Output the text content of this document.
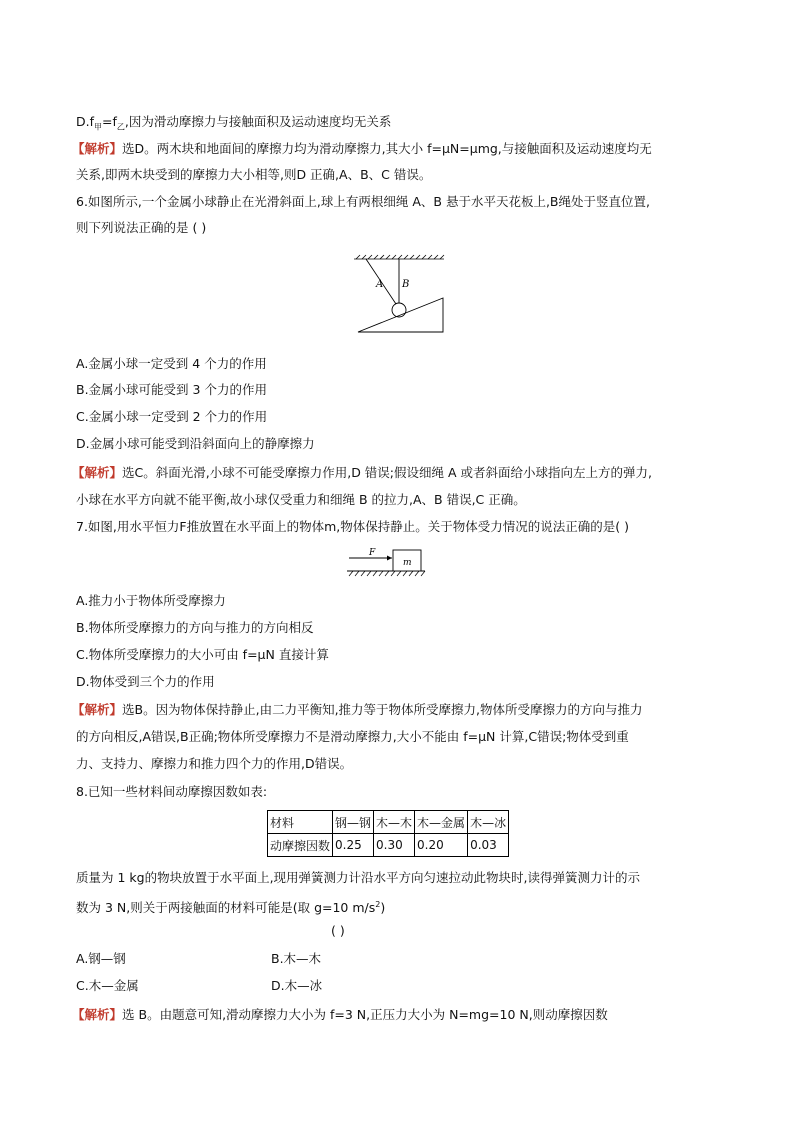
$D.f_甲=f_乙$,因为滑动摩擦力与接触面积及运动速度均无关系
【解析】选D。两木块和地面间的摩擦力均为滑动摩擦力,其大小 f=μN=μmg,与接触面积及运动速度均无
关系,即两木块受到的摩擦力大小相等,则D 正确,A、B、C 错误。
6.如图所示,一个金属小球静止在光滑斜面上,球上有两根细绳 A、B 悬于水平天花板上,B绳处于竖直位置,
则下列说法正确的是 ( )
A B
A.金属小球一定受到 4 个力的作用
B.金属小球可能受到 3 个力的作用
C.金属小球一定受到 2 个力的作用
D.金属小球可能受到沿斜面向上的静摩擦力
【解析】选C。斜面光滑,小球不可能受摩擦力作用,D 错误;假设细绳 A 或者斜面给小球指向左上方的弹力,
小球在水平方向就不能平衡,故小球仅受重力和细绳 B 的拉力,A、B 错误,C 正确。
7.如图,用水平恒力F推放置在水平面上的物体m,物体保持静止。关于物体受力情况的说法正确的是( )
F
m
A.推力小于物体所受摩擦力
B.物体所受摩擦力的方向与推力的方向相反
C.物体所受摩擦力的大小可由 f=μN 直接计算
D.物体受到三个力的作用
【解析】选B。因为物体保持静止,由二力平衡知,推力等于物体所受摩擦力,物体所受摩擦力的方向与推力
的方向相反,A错误,B正确;物体所受摩擦力不是滑动摩擦力,大小不能由 f=μN 计算,C错误;物体受到重
力、支持力、摩擦力和推力四个力的作用,D错误。
8.已知一些材料间动摩擦因数如表:
材料	钢—钢	木—木	木—金属	木—冰
动摩擦因数	0.25	0.30	0.20	0.03
质量为 1 kg的物块放置于水平面上,现用弹簧测力计沿水平方向匀速拉动此物块时,读得弹簧测力计的示
数为 3 N,则关于两接触面的材料可能是(取 g=10 $m/s^2$)
( )
A.钢—钢	B.木—木
C.木—金属	D.木—冰
【解析】选 B。由题意可知,滑动摩擦力大小为 f=3 N,正压力大小为 N=mg=10 N,则动摩擦因数
